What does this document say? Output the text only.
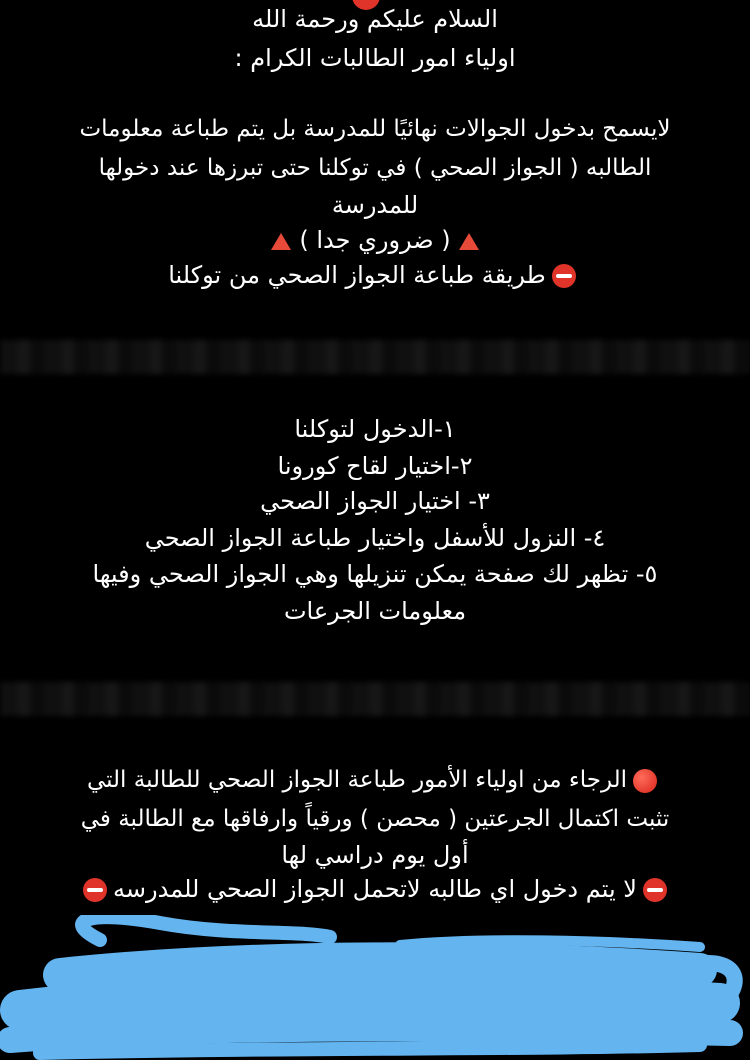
السلام عليكم ورحمة الله
اولياء امور الطالبات الكرام :
لايسمح بدخول الجوالات نهائيًا للمدرسة بل يتم طباعة معلومات
الطالبه ( الجواز الصحي ) في توكلنا حتى تبرزها عند دخولها
للمدرسة
( ضروري جدا )
طريقة طباعة الجواز الصحي من توكلنا
١-الدخول لتوكلنا
٢-اختيار لقاح كورونا
٣- اختيار الجواز الصحي
٤- النزول للأسفل واختيار طباعة الجواز الصحي
٥- تظهر لك صفحة يمكن تنزيلها وهي الجواز الصحي وفيها
معلومات الجرعات
الرجاء من اولياء الأمور طباعة الجواز الصحي للطالبة التي
تثبت اكتمال الجرعتين ( محصن ) ورقياً وارفاقها مع الطالبة في
أول يوم دراسي لها
لا يتم دخول اي طالبه لاتحمل الجواز الصحي للمدرسه
